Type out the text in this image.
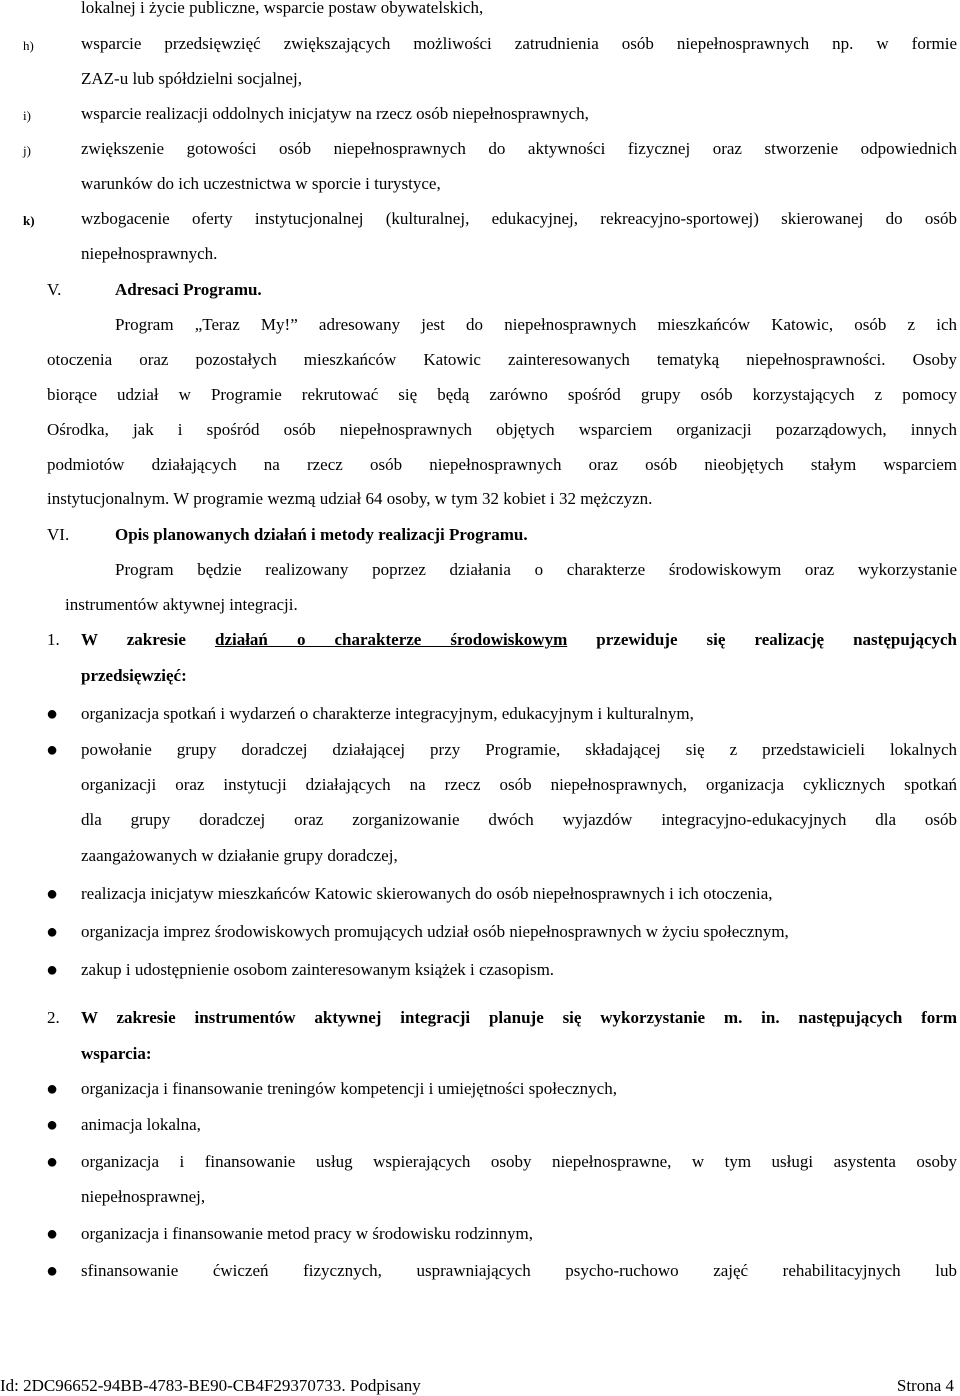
lokalnej i życie publiczne, wsparcie postaw obywatelskich,
h)	wsparcie przedsięwzięć zwiększających możliwości zatrudnienia osób niepełnosprawnych np. w formie
ZAZ-u lub spółdzielni socjalnej,
i)	wsparcie realizacji oddolnych inicjatyw na rzecz osób niepełnosprawnych,
j)	zwiększenie gotowości osób niepełnosprawnych do aktywności fizycznej oraz stworzenie odpowiednich
warunków do ich uczestnictwa w sporcie i turystyce,
k)	wzbogacenie oferty instytucjonalnej (kulturalnej, edukacyjnej, rekreacyjno-sportowej) skierowanej do osób
niepełnosprawnych.
V.	Adresaci Programu.
Program „Teraz My!” adresowany jest do niepełnosprawnych mieszkańców Katowic, osób z ich
otoczenia oraz pozostałych mieszkańców Katowic zainteresowanych tematyką niepełnosprawności. Osoby
biorące udział w Programie rekrutować się będą zarówno spośród grupy osób korzystających z pomocy
Ośrodka, jak i spośród osób niepełnosprawnych objętych wsparciem organizacji pozarządowych, innych
podmiotów działających na rzecz osób niepełnosprawnych oraz osób nieobjętych stałym wsparciem
instytucjonalnym. W programie wezmą udział 64 osoby, w tym 32 kobiet i 32 mężczyzn.
VI.	Opis planowanych działań i metody realizacji Programu.
Program będzie realizowany poprzez działania o charakterze środowiskowym oraz wykorzystanie
instrumentów aktywnej integracji.
1. W zakresie działań o charakterze środowiskowym przewiduje się realizację następujących
przedsięwzięć:
● organizacja spotkań i wydarzeń o charakterze integracyjnym, edukacyjnym i kulturalnym,
● powołanie grupy doradczej działającej przy Programie, składającej się z przedstawicieli lokalnych
organizacji oraz instytucji działających na rzecz osób niepełnosprawnych, organizacja cyklicznych spotkań
dla grupy doradczej oraz zorganizowanie dwóch wyjazdów integracyjno-edukacyjnych dla osób
zaangażowanych w działanie grupy doradczej,
● realizacja inicjatyw mieszkańców Katowic skierowanych do osób niepełnosprawnych i ich otoczenia,
● organizacja imprez środowiskowych promujących udział osób niepełnosprawnych w życiu społecznym,
● zakup i udostępnienie osobom zainteresowanym książek i czasopism.
2. W zakresie instrumentów aktywnej integracji planuje się wykorzystanie m. in. następujących form
wsparcia:
● organizacja i finansowanie treningów kompetencji i umiejętności społecznych,
● animacja lokalna,
● organizacja i finansowanie usług wspierających osoby niepełnosprawne, w tym usługi asystenta osoby
niepełnosprawnej,
● organizacja i finansowanie metod pracy w środowisku rodzinnym,
● sfinansowanie ćwiczeń fizycznych, usprawniających psycho-ruchowo zajęć rehabilitacyjnych lub
Id: 2DC96652-94BB-4783-BE90-CB4F29370733. Podpisany	Strona 4
